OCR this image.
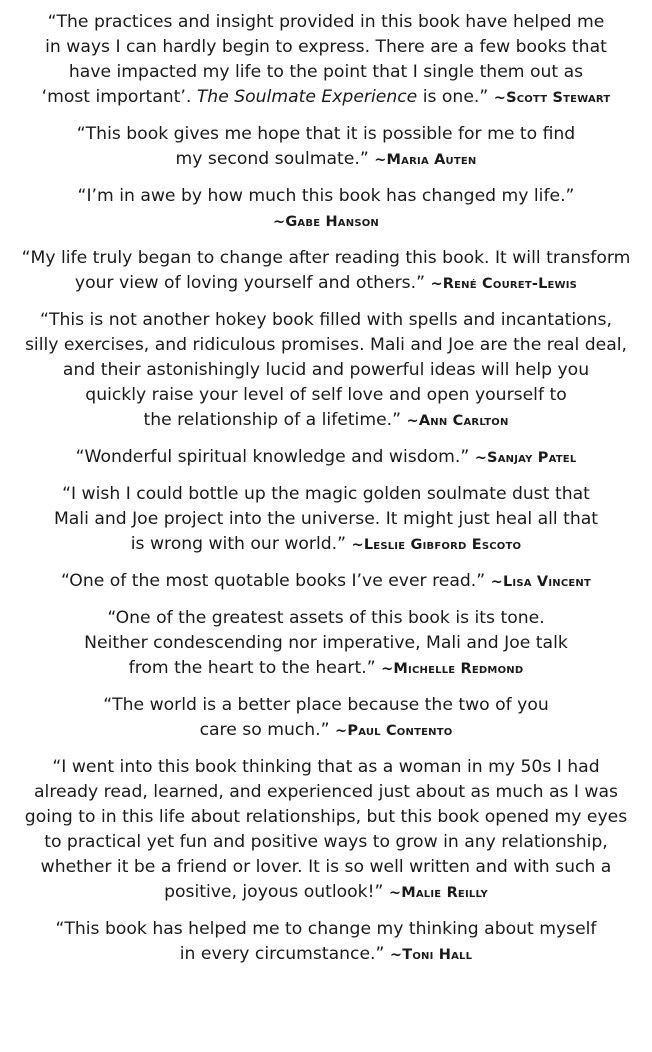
“The practices and insight provided in this book have helped me
in ways I can hardly begin to express. There are a few books that
have impacted my life to the point that I single them out as
‘most important’. The Soulmate Experience is one.” ~Scott Stewart

“This book gives me hope that it is possible for me to find
my second soulmate.” ~Maria Auten

“I’m in awe by how much this book has changed my life.”
~Gabe Hanson

“My life truly began to change after reading this book. It will transform
your view of loving yourself and others.” ~René Couret-Lewis

“This is not another hokey book filled with spells and incantations,
silly exercises, and ridiculous promises. Mali and Joe are the real deal,
and their astonishingly lucid and powerful ideas will help you
quickly raise your level of self love and open yourself to
the relationship of a lifetime.” ~Ann Carlton

“Wonderful spiritual knowledge and wisdom.” ~Sanjay Patel

“I wish I could bottle up the magic golden soulmate dust that
Mali and Joe project into the universe. It might just heal all that
is wrong with our world.” ~Leslie Gibford Escoto

“One of the most quotable books I’ve ever read.” ~Lisa Vincent

“One of the greatest assets of this book is its tone.
Neither condescending nor imperative, Mali and Joe talk
from the heart to the heart.” ~Michelle Redmond

“The world is a better place because the two of you
care so much.” ~Paul Contento

“I went into this book thinking that as a woman in my 50s I had
already read, learned, and experienced just about as much as I was
going to in this life about relationships, but this book opened my eyes
to practical yet fun and positive ways to grow in any relationship,
whether it be a friend or lover. It is so well written and with such a
positive, joyous outlook!” ~Malie Reilly

“This book has helped me to change my thinking about myself
in every circumstance.” ~Toni Hall
